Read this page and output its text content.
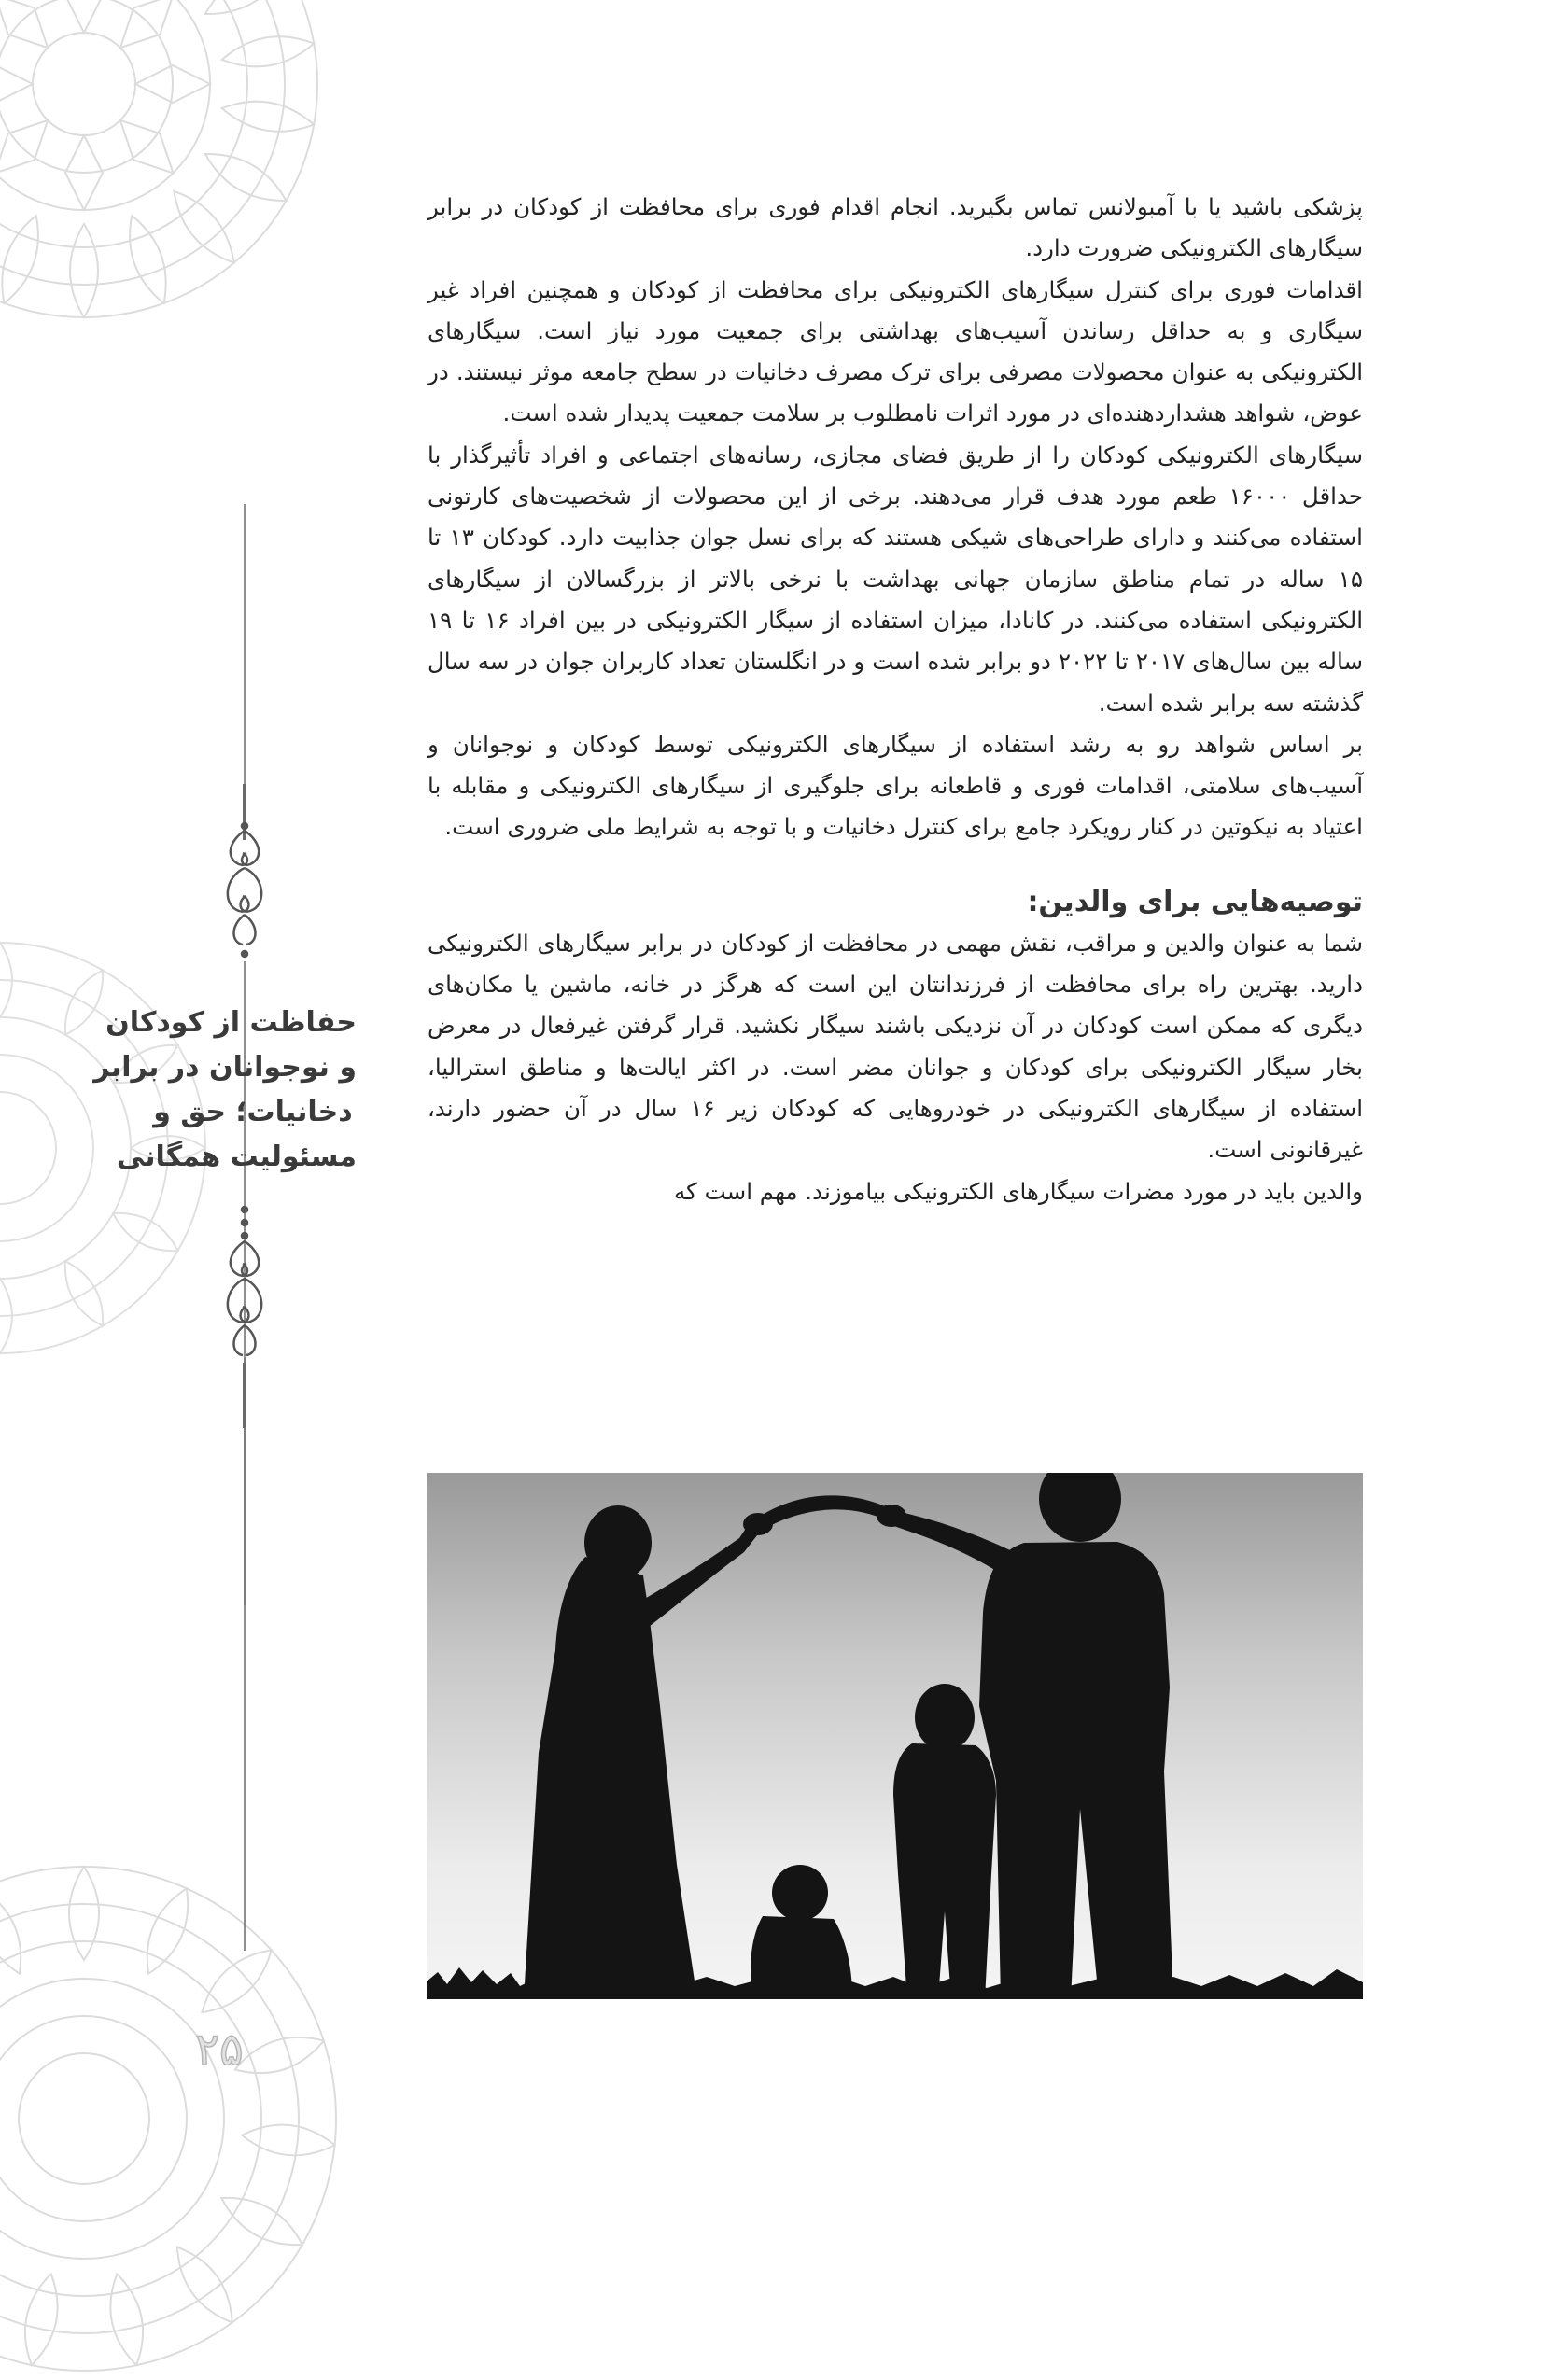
حفاظت از کودکان
و نوجوانان در برابر
دخانیات؛ حق و
مسئولیت همگانی

پزشکی باشید یا با آمبولانس تماس بگیرید. انجام اقدام فوری برای محافظت از کودکان در برابر سیگارهای الکترونیکی ضرورت دارد.

اقدامات فوری برای کنترل سیگارهای الکترونیکی برای محافظت از کودکان و همچنین افراد غیر سیگاری و به حداقل رساندن آسیب‌های بهداشتی برای جمعیت مورد نیاز است. سیگارهای الکترونیکی به عنوان محصولات مصرفی برای ترک مصرف دخانیات در سطح جامعه موثر نیستند. در عوض، شواهد هشداردهنده‌ای در مورد اثرات نامطلوب بر سلامت جمعیت پدیدار شده است.

سیگارهای الکترونیکی کودکان را از طریق فضای مجازی، رسانه‌های اجتماعی و افراد تأثیرگذار با حداقل ۱۶۰۰۰ طعم مورد هدف قرار می‌دهند. برخی از این محصولات از شخصیت‌های کارتونی استفاده می‌کنند و دارای طراحی‌های شیکی هستند که برای نسل جوان جذابیت دارد. کودکان ۱۳ تا ۱۵ ساله در تمام مناطق سازمان جهانی بهداشت با نرخی بالاتر از بزرگسالان از سیگارهای الکترونیکی استفاده می‌کنند. در کانادا، میزان استفاده از سیگار الکترونیکی در بین افراد ۱۶ تا ۱۹ ساله بین سال‌های ۲۰۱۷ تا ۲۰۲۲ دو برابر شده است و در انگلستان تعداد کاربران جوان در سه سال گذشته سه برابر شده است.

بر اساس شواهد رو به رشد استفاده از سیگارهای الکترونیکی توسط کودکان و نوجوانان و آسیب‌های سلامتی، اقدامات فوری و قاطعانه برای جلوگیری از سیگارهای الکترونیکی و مقابله با اعتیاد به نیکوتین در کنار رویکرد جامع برای کنترل دخانیات و با توجه به شرایط ملی ضروری است.

توصیه‌هایی برای والدین:

شما به عنوان والدین و مراقب، نقش مهمی در محافظت از کودکان در برابر سیگارهای الکترونیکی دارید. بهترین راه برای محافظت از فرزندانتان این است که هرگز در خانه، ماشین یا مکان‌های دیگری که ممکن است کودکان در آن نزدیکی باشند سیگار نکشید. قرار گرفتن غیرفعال در معرض بخار سیگار الکترونیکی برای کودکان و جوانان مضر است. در اکثر ایالت‌ها و مناطق استرالیا، استفاده از سیگارهای الکترونیکی در خودروهایی که کودکان زیر ۱۶ سال در آن حضور دارند، غیرقانونی است.

والدین باید در مورد مضرات سیگارهای الکترونیکی بیاموزند. مهم است که

۲۵
